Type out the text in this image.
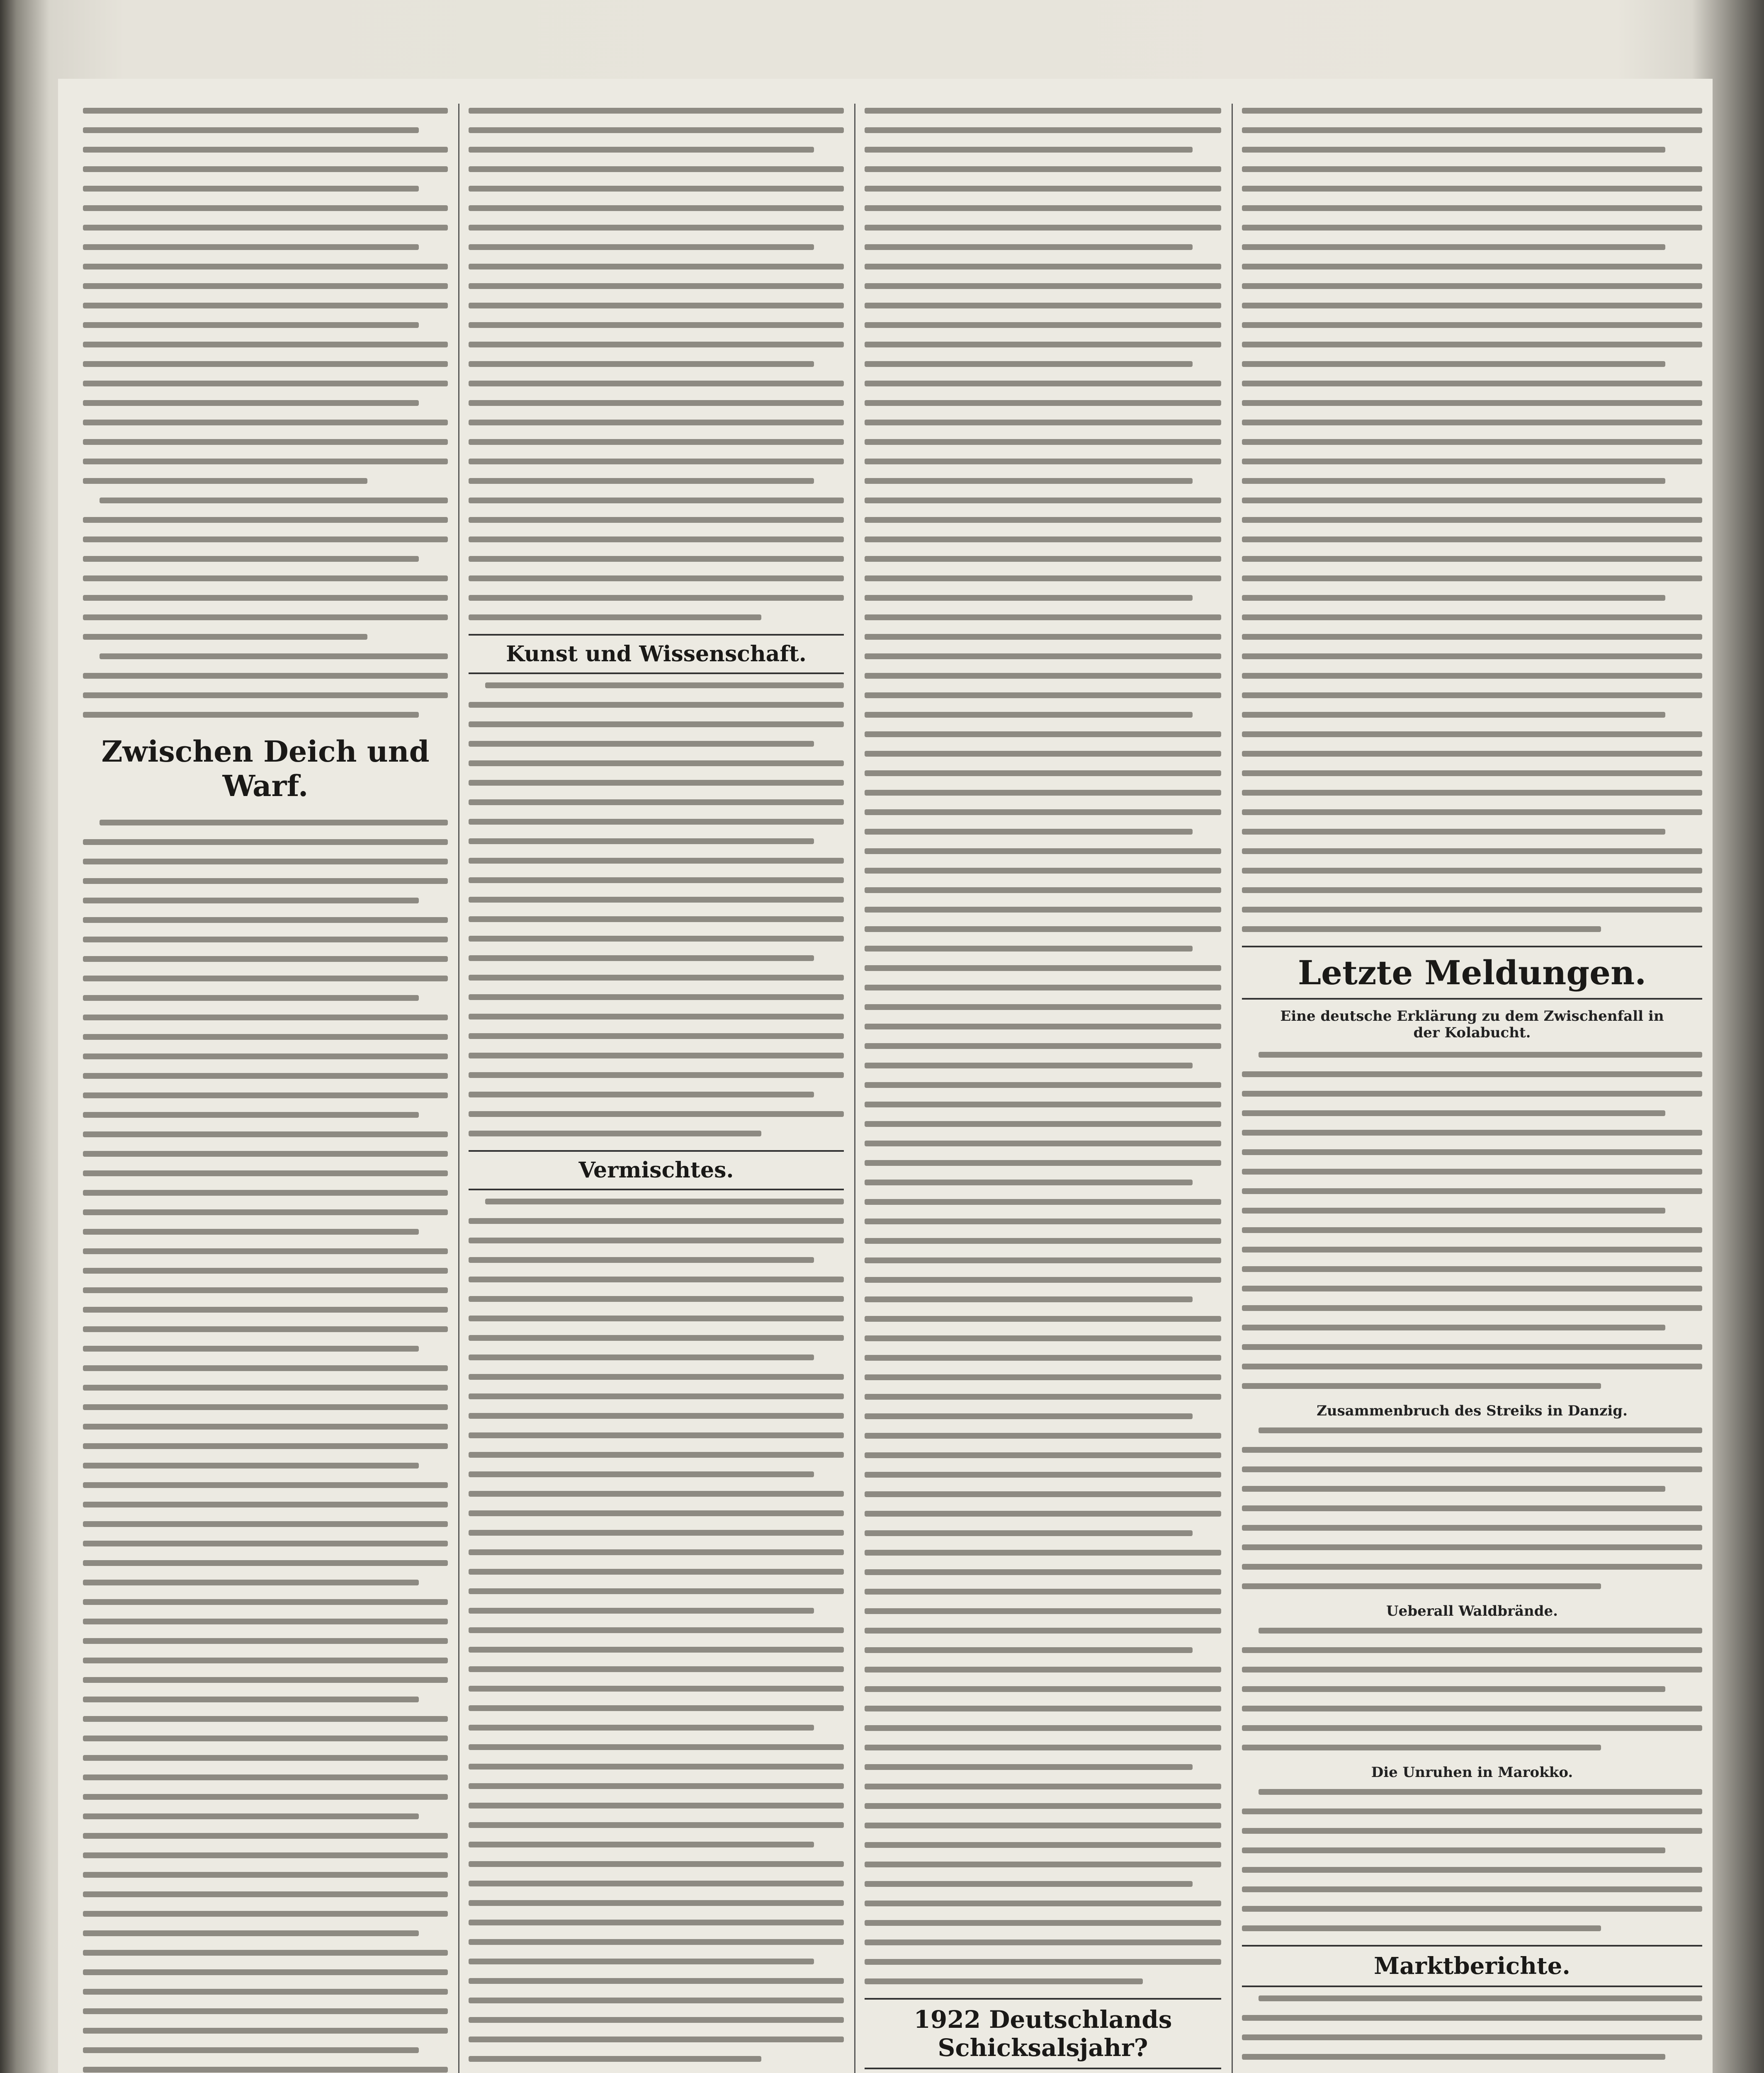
Zwischen Deich und Warf.

Kunst und Wissenschaft.
Vermischtes.

1922 Deutschlands Schicksalsjahr?
Letzte Meldungen.

Eine deutsche Erklärung zu dem Zwischenfall in der Kolabucht.

Zusammenbruch des Streiks in Danzig.

Ueberall Waldbrände.

Die Unruhen in Marokko.

Marktberichte.
